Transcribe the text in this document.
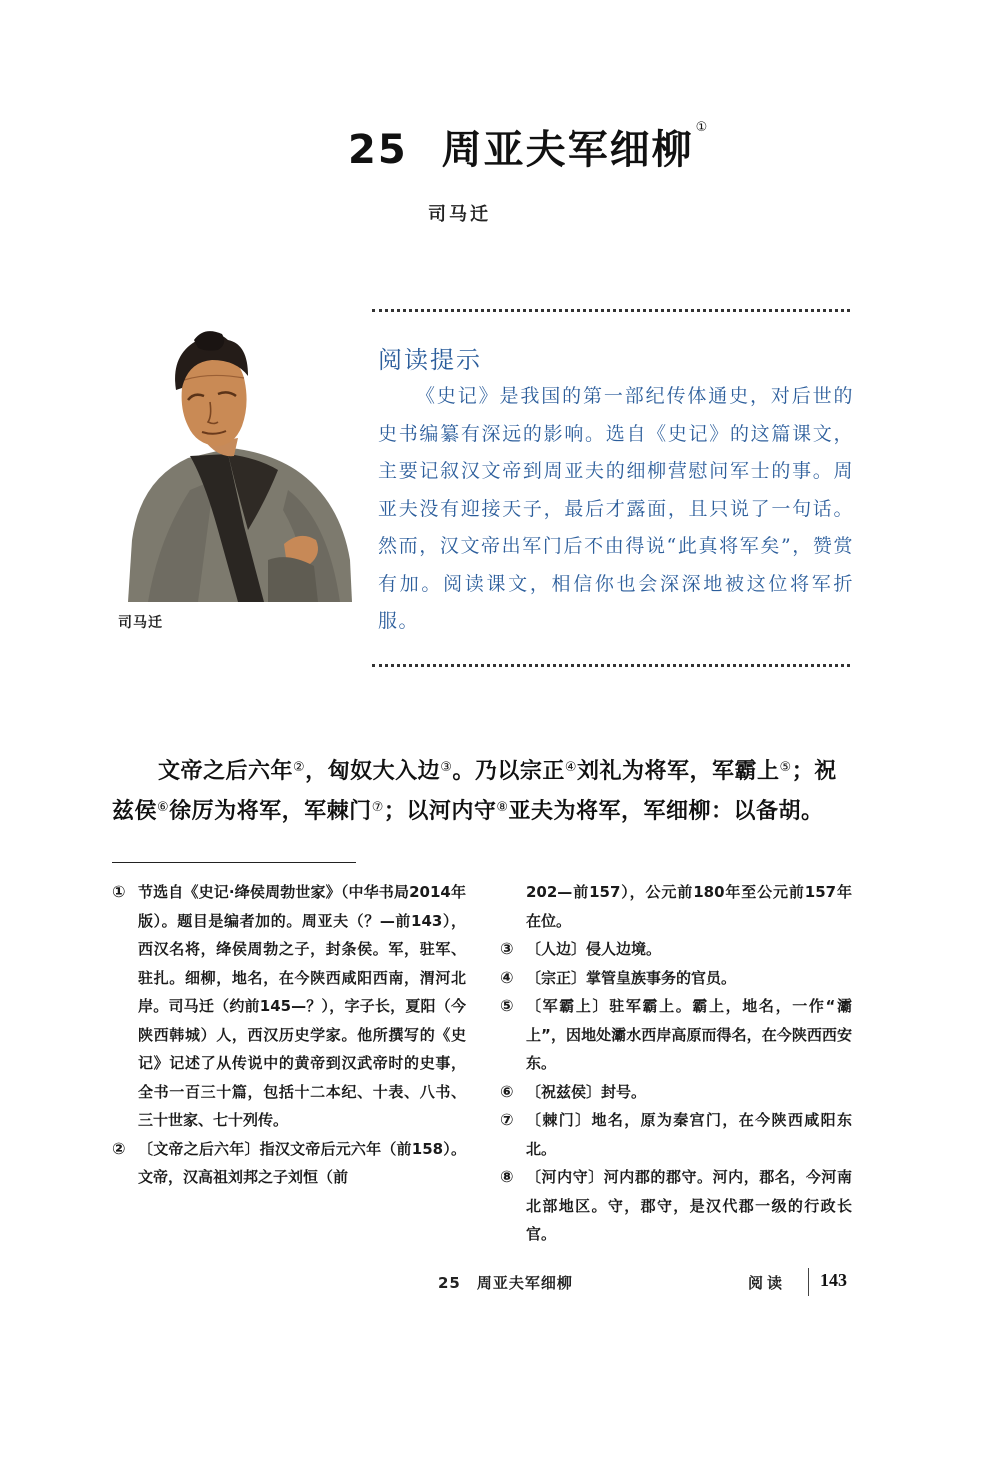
25 周亚夫军细柳 ①
司马迁
阅读提示
《史记》是我国的第一部纪传体通史，对后世的史书编纂有深远的影响。选自《史记》的这篇课文，主要记叙汉文帝到周亚夫的细柳营慰问军士的事。周亚夫没有迎接天子，最后才露面，且只说了一句话。然而，汉文帝出军门后不由得说“此真将军矣”，赞赏有加。阅读课文，相信你也会深深地被这位将军折服。
司马迁
文帝之后六年②，匈奴大入边③。乃以宗正④刘礼为将军，军霸上⑤；祝兹侯⑥徐厉为将军，军棘门⑦；以河内守⑧亚夫为将军，军细柳：以备胡。
① 节选自《史记·绛侯周勃世家》（中华书局2014年版）。题目是编者加的。周亚夫（？—前143），西汉名将，绛侯周勃之子，封条侯。军，驻军、驻扎。细柳，地名，在今陕西咸阳西南，渭河北岸。司马迁（约前145—？），字子长，夏阳（今陕西韩城）人，西汉历史学家。他所撰写的《史记》记述了从传说中的黄帝到汉武帝时的史事，全书一百三十篇，包括十二本纪、十表、八书、三十世家、七十列传。
② 〔文帝之后六年〕指汉文帝后元六年（前158）。文帝，汉高祖刘邦之子刘恒（前
202—前157），公元前180年至公元前157年在位。
③ 〔人边〕侵人边境。
④ 〔宗正〕掌管皇族事务的官员。
⑤ 〔军霸上〕驻军霸上。霸上，地名，一作“灞上”，因地处灞水西岸高原而得名，在今陕西西安东。
⑥ 〔祝兹侯〕封号。
⑦ 〔棘门〕地名，原为秦宫门，在今陕西咸阳东北。
⑧ 〔河内守〕河内郡的郡守。河内，郡名，今河南北部地区。守，郡守，是汉代郡一级的行政长官。
25　周亚夫军细柳	阅读 143
